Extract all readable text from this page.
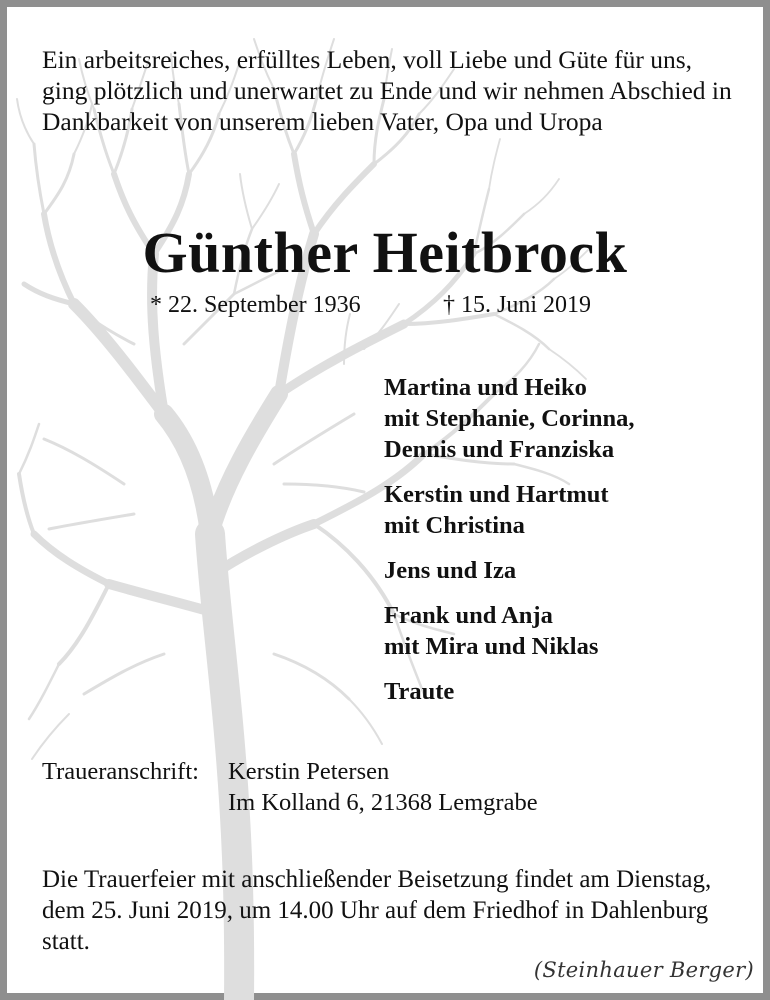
Ein arbeitsreiches, erfülltes Leben, voll Liebe und Güte für uns, ging plötzlich und unerwartet zu Ende und wir nehmen Abschied in Dankbarkeit von unserem lieben Vater, Opa und Uropa
Günther Heitbrock
* 22. September 1936	† 15. Juni 2019
Martina und Heiko
mit Stephanie, Corinna,
Dennis und Franziska
Kerstin und Hartmut
mit Christina
Jens und Iza
Frank und Anja
mit Mira und Niklas
Traute
Traueranschrift:	Kerstin Petersen
Im Kolland 6, 21368 Lemgrabe
Die Trauerfeier mit anschließender Beisetzung findet am Dienstag, dem 25. Juni 2019, um 14.00 Uhr auf dem Friedhof in Dahlenburg statt.
(Steinhauer Berger)
